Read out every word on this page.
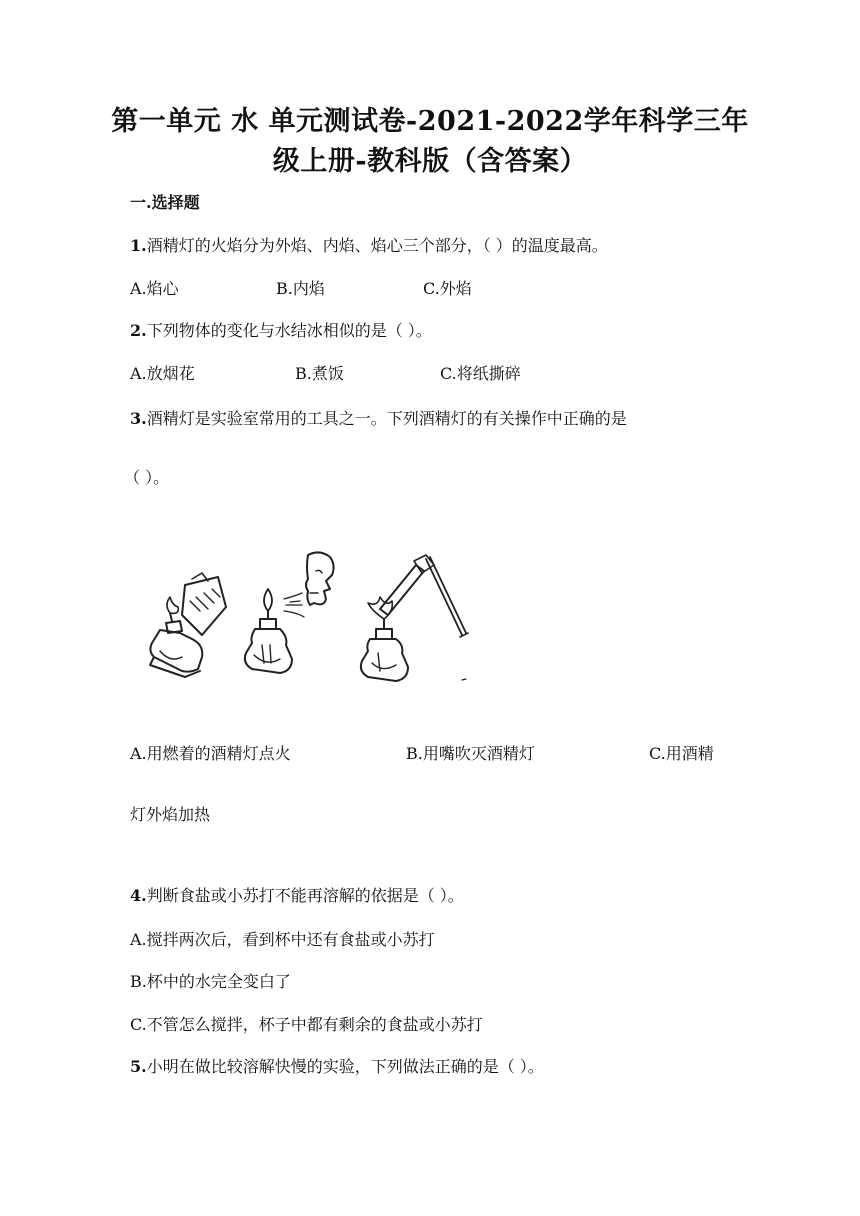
第一单元 水 单元测试卷-2021-2022学年科学三年
级上册-教科版（含答案）
一.选择题
1.酒精灯的火焰分为外焰、内焰、焰心三个部分，（ ）的温度最高。
A.焰心	B.内焰	C.外焰
2.下列物体的变化与水结冰相似的是（ ）。
A.放烟花	B.煮饭	C.将纸撕碎
3.酒精灯是实验室常用的工具之一。下列酒精灯的有关操作中正确的是
（ ）。
A.用燃着的酒精灯点火	B.用嘴吹灭酒精灯	C.用酒精
灯外焰加热
4.判断食盐或小苏打不能再溶解的依据是（ ）。
A.搅拌两次后，看到杯中还有食盐或小苏打
B.杯中的水完全变白了
C.不管怎么搅拌，杯子中都有剩余的食盐或小苏打
5.小明在做比较溶解快慢的实验，下列做法正确的是（ ）。
